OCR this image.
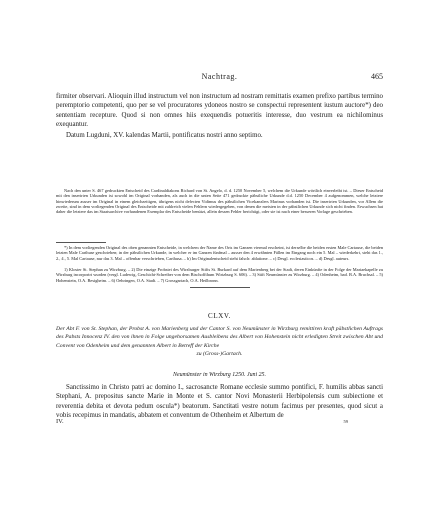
Nachtrag.	465

firmiter observari. Alioquin illud instructum vel non instructum ad nostram remittatis examen prefixo partibus termino peremptorio competenti, quo per se vel procuratores ydoneos nostro se conspectui representent iustum auctore*) deo sententiam recepture. Quod si non omnes hiis exequendis potueritis interesse, duo vestrum ea nichilominus exequantur.

Datum Lugduni, XV. kalendas Martii, pontificatus nostri anno septimo.

Nach den unter S. 467 gedruckten Entscheid des Cardinaldiakons Richard von St. Angelo, d. d. 1250 November 5, welchem die Urkunde wörtlich einverleibt ist. – Dieser Entscheid mit den inserirten Urkunden ist sowohl im Original vorhanden, als auch in die unten Seite 471 gedruckte päbstliche Urkunde d.d. 1250 December 4 aufgenommen, welche letztere hinwiederum ausser im Original in einem gleichzeitigen, übrigens nicht defecten Vidimus des päbstlichen Vicekanzlers Marinus vorhanden ist. Die inserirten Urkunden, vor Allem die zweite, sind in dem vorliegenden Original des Entscheide mit zahlreich vielen Fehlern wiedergegeben, von denen die meisten in der päbstlichen Urkunde sich nicht finden. Erwuchsen hat daher die letztere das im Staatsarchive vorhandenen Exemplar des Entscheide benützt, allein dessen Fehler berichtigt, oder sie ist nach einer besseren Vorlage geschrieben.

*) In dem vorliegenden Original des oben genannten Entscheide, in welchem der Name des Orts im Ganzen viermal erscheint, ist derselbe die beiden ersten Male Cartause, die beiden letzten Male Carthuse geschrieben; in der päbstlichen Urkunde, in welcher er im Ganzen fünfmal – ausser den 4 erwähnten Fällen im Eingang noch ein 5. Mal – wiederkehrt, steht das 1., 2., 4., 5. Mal Cartause, nur das 3. Mal – offenbar verschrieben, Carthusa. – b) Im Originalentscheid steht falsch: ablatione. – c) Desgl. ecclesiasticos. – d) Desgl. auteurs.

1) Kloster St. Stephan zu Wirzburg. – 2) Die einzige Probstei des Wirzburger Stifts St. Burkard auf dem Marienberg bei der Stadt, deren Einkünfte in der Folge der Mariaekapelle zu Wirzburg incorporirt wurden (vergl. Ludewig, Geschicht-Schreiber von dem Bischoffthum Wirtzburg S. 606). – 3) Stift Neumünster zu Wirzburg. – 4) Odenheim, bad. B.A. Bruchsal. – 5) Hohenstein, O.A. Besigheim. – 6) Oehringen, O.A. Stadt. – 7) Grossgartach, O.A. Heilbronn.

CLXV.
Der Abt F. von St. Stephan, der Probst A. von Marienberg und der Cantor S. von Neumünster in Wirzburg remittiren kraft päbstlichen Auftrags des Pabsts Innocenz IV. den von ihnen in Folge ungehorsamen Ausbleibens des Albert von Hohenstein nicht erledigten Streit zwischen Abt und Convent von Odenheim und dem genannten Albert in Betreff der Kirche
zu (Gross-)Gartach.
Neumünster in Wirzburg 1250. Juni 25.

Sanctissimo in Christo patri ac domino I., sacrosancte Romane ecclesie summo pontifici, F. humilis abbas sancti Stephani, A. prepositus sancte Marie in Monte et S. cantor Novi Monasterii Herbipolensis cum subiectione et reverentia debita et devota pedum oscula*) beatorum. Sanctitati vestre notum facimus per presentes, quod sicut a vobis recepimus in mandatis, abbatem et conventum de Othenheim et Albertum de

IV.	59
